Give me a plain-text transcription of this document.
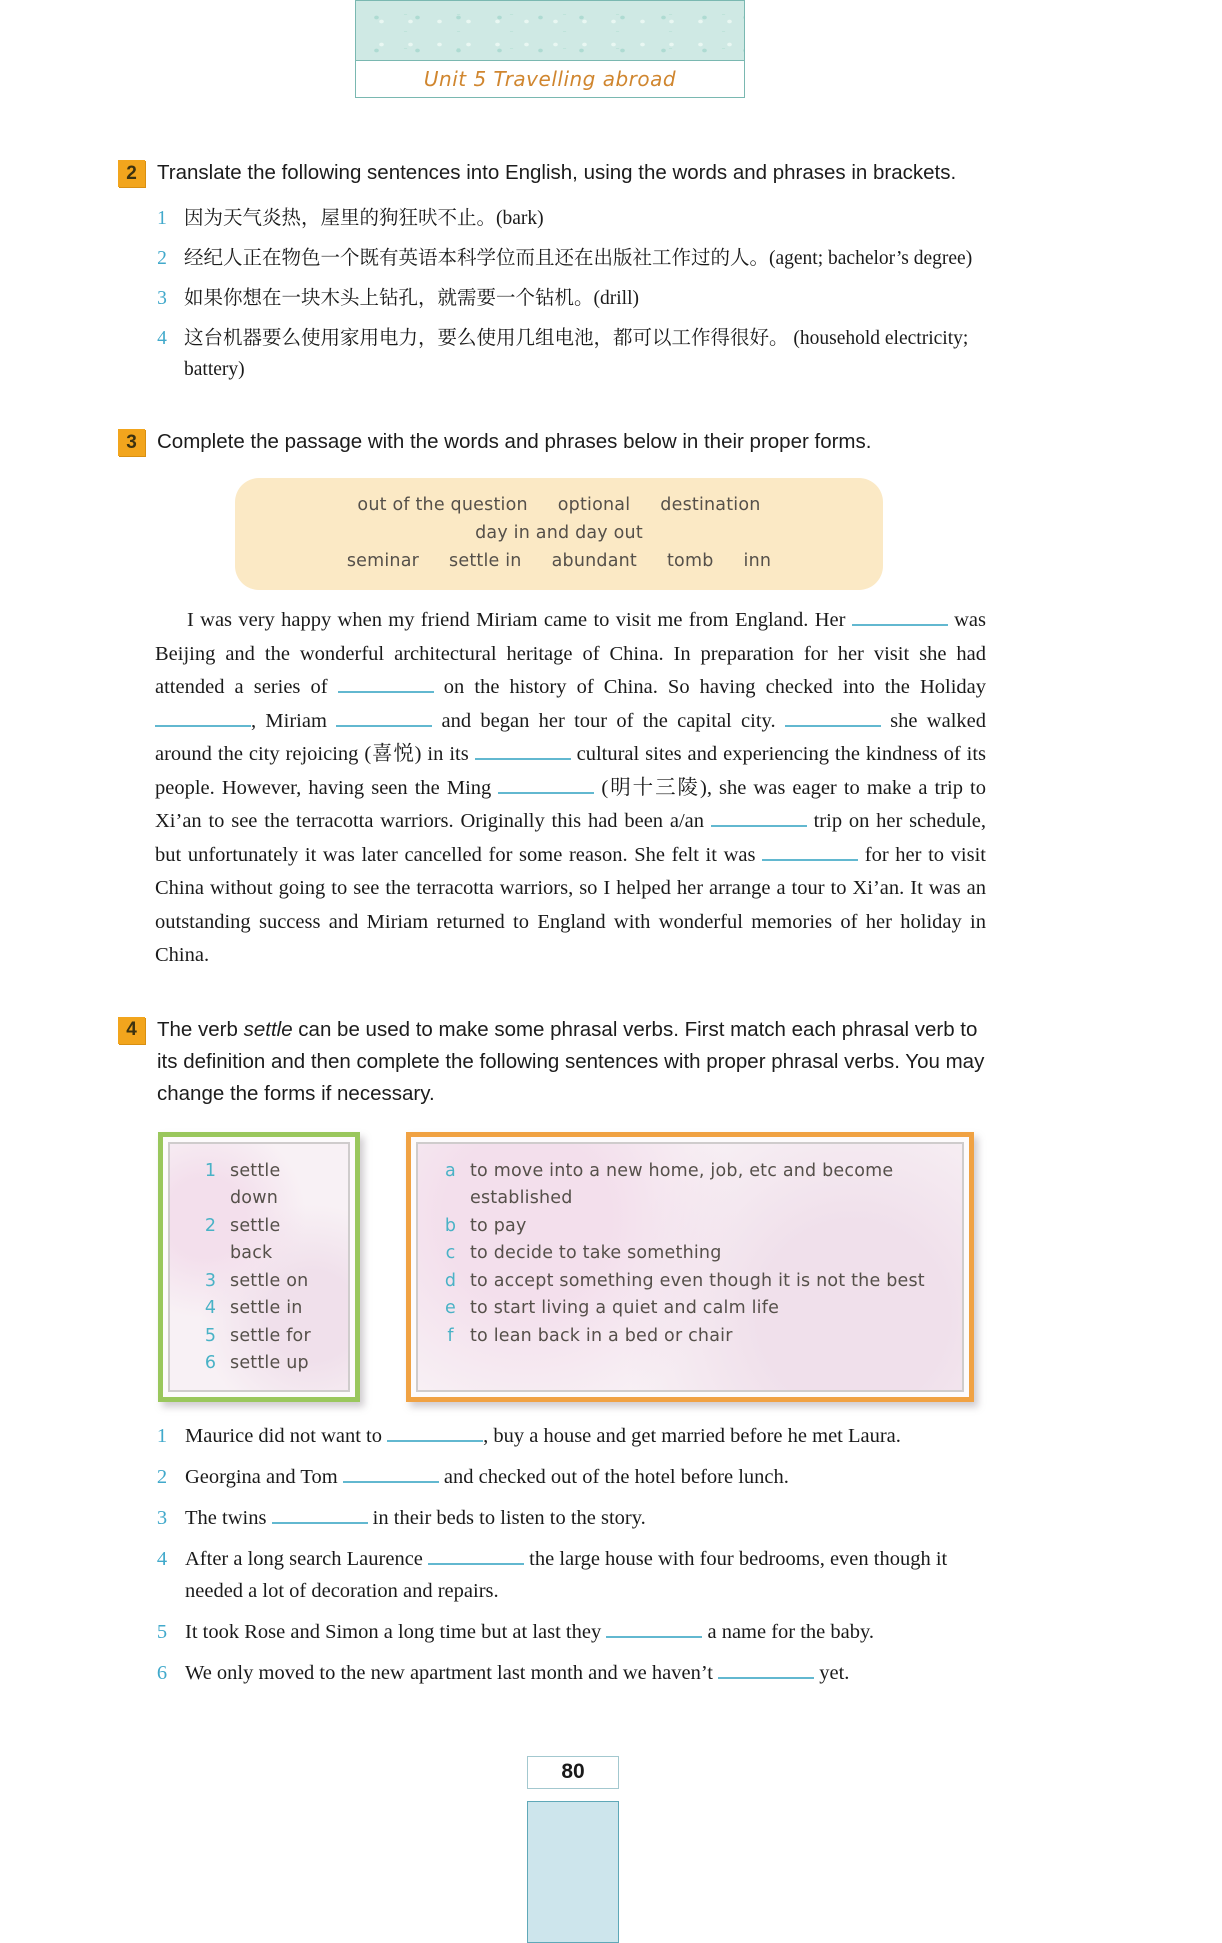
Unit 5 Travelling abroad
2 Translate the following sentences into English, using the words and phrases in brackets.
1 因为天气炎热，屋里的狗狂吠不止。(bark)
2 经纪人正在物色一个既有英语本科学位而且还在出版社工作过的人。(agent; bachelor’s degree)
3 如果你想在一块木头上钻孔，就需要一个钻机。(drill)
4 这台机器要么使用家用电力，要么使用几组电池，都可以工作得很好。 (household electricity; battery)
3 Complete the passage with the words and phrases below in their proper forms.
out of the question optional destinationday in and day out
seminar settle in abundant tomb inn

I was very happy when my friend Miriam came to visit me from England. Her	was Beijing and the wonderful architectural heritage of China. In preparation for her visit she had attended a series of	on the history of China. So having checked into the Holiday , Miriam	and began her tour of the capital city.	she walked around the city rejoicing (喜悦) in its	cultural sites and experiencing the kindness of its people. However, having seen the Ming	(明十三陵), she was eager to make a trip to Xi’an to see the terracotta warriors. Originally this had been a/an	trip on her schedule, but unfortunately it was later cancelled for some reason. She felt it was	for her to visit China without going to see the terracotta warriors, so I helped her arrange a tour to Xi’an. It was an outstanding success and Miriam returned to England with wonderful memories of her holiday in China.

4 The verb settle can be used to make some phrasal verbs. First match each phrasal verb to its definition and then complete the following sentences with proper phrasal verbs. You may change the forms if necessary.
1 settle down
2 settle back
3 settle on
4 settle in
5 settle for
6 settle up
a to move into a new home, job, etc and become established
b to pay
c to decide to take something
d to accept something even though it is not the best
e to start living a quiet and calm life
f to lean back in a bed or chair
1 Maurice did not want to	, buy a house and get married before he met Laura.
2 Georgina and Tom	and checked out of the hotel before lunch.
3 The twins	in their beds to listen to the story.
4 After a long search Laurence	the large house with four bedrooms, even though it needed a lot of decoration and repairs.
5 It took Rose and Simon a long time but at last they	a name for the baby.
6 We only moved to the new apartment last month and we haven’t	yet.
80
